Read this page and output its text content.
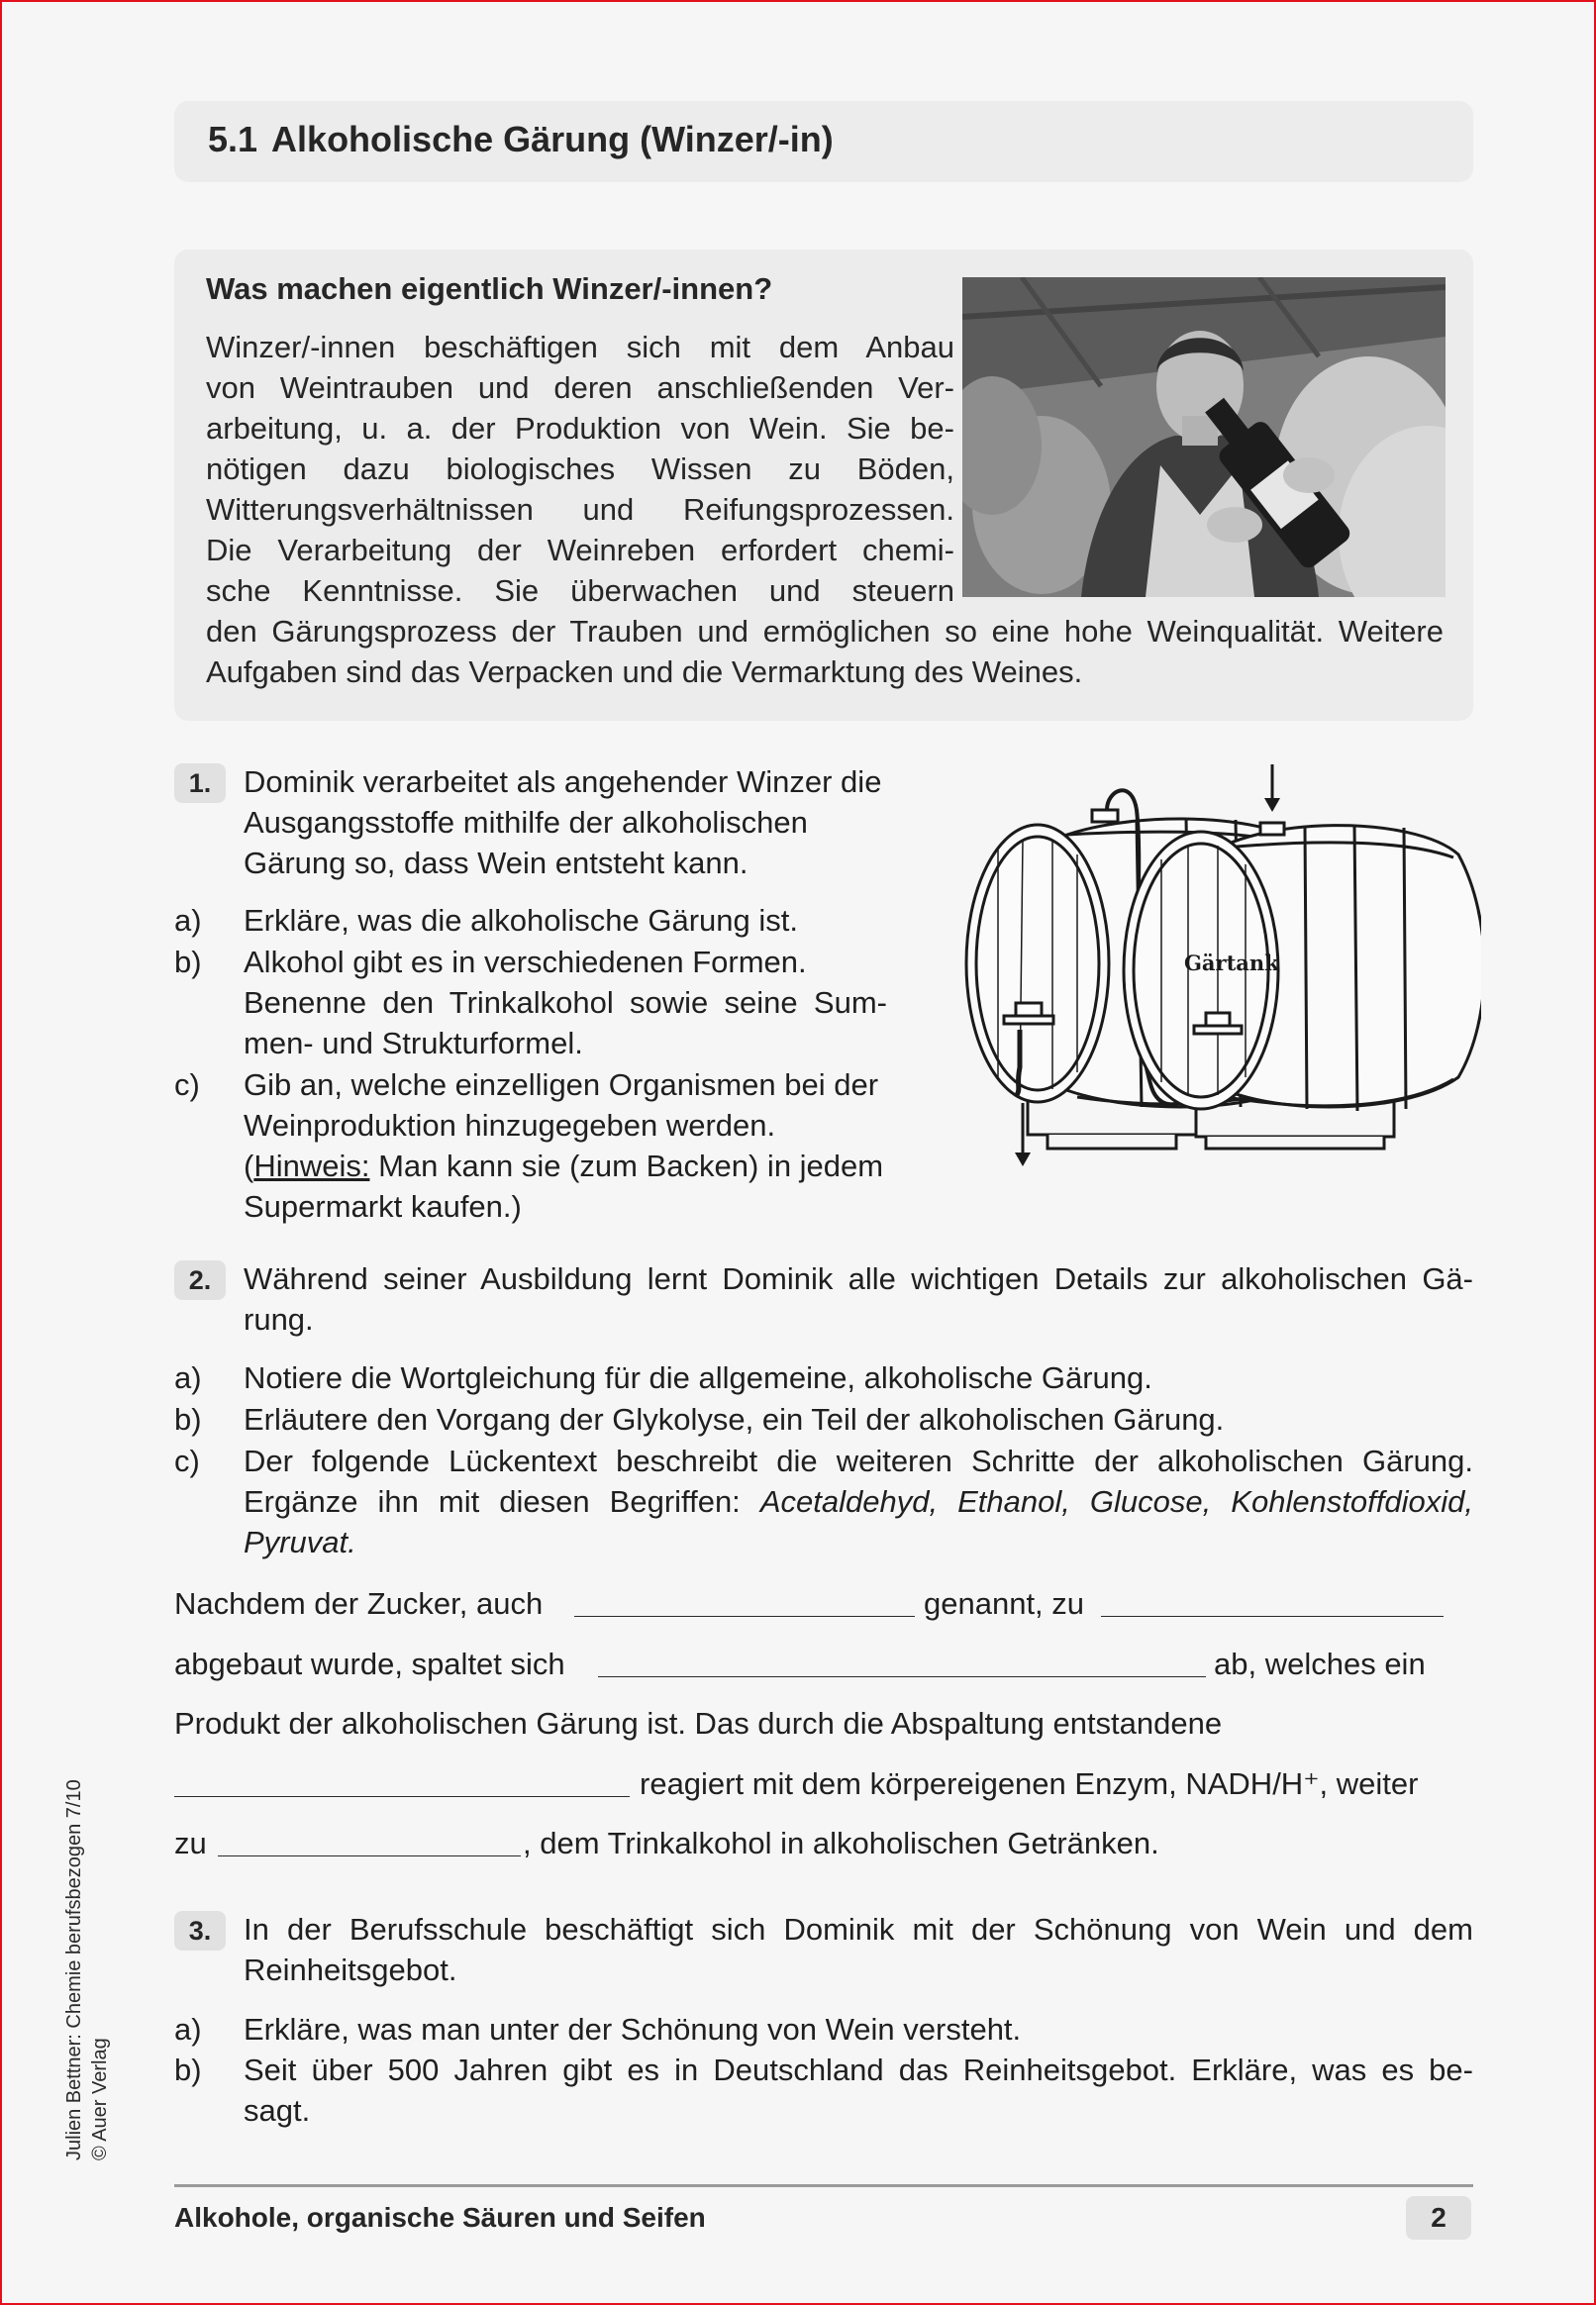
5.1 Alkoholische Gärung (Winzer/-in)
Was machen eigentlich Winzer/-innen?

Winzer/-innen beschäftigen sich mit dem Anbau

von Weintrauben und deren anschließenden Ver-

arbeitung, u. a. der Produktion von Wein. Sie be-

nötigen dazu biologisches Wissen zu Böden,

Witterungsverhältnissen und Reifungsprozessen.

Die Verarbeitung der Weinreben erfordert chemi-

sche Kenntnisse. Sie überwachen und steuern

den Gärungsprozess der Trauben und ermöglichen so eine hohe Weinqualität. Weitere

Aufgaben sind das Verpacken und die Vermarktung des Weines.

1.	Dominik verarbeitet als angehender Winzer die

Ausgangsstoffe mithilfe der alkoholischen

Gärung so, dass Wein entsteht kann.

a) Erkläre, was die alkoholische Gärung ist.

b) Alkohol gibt es in verschiedenen Formen.

Benenne den Trinkalkohol sowie seine Sum-

men- und Strukturformel.

c) Gib an, welche einzelligen Organismen bei der

Weinproduktion hinzugegeben werden.

(Hinweis: Man kann sie (zum Backen) in jedem

Supermarkt kaufen.)

Gärtank
2.	Während seiner Ausbildung lernt Dominik alle wichtigen Details zur alkoholischen Gä-

rung.

a) Notiere die Wortgleichung für die allgemeine, alkoholische Gärung.

b) Erläutere den Vorgang der Glykolyse, ein Teil der alkoholischen Gärung.

c) Der folgende Lückentext beschreibt die weiteren Schritte der alkoholischen Gärung.

Ergänze ihn mit diesen Begriffen: Acetaldehyd, Ethanol, Glucose, Kohlenstoffdioxid,

Pyruvat.

Nachdem der Zucker, auch	genannt, zu

abgebaut wurde, spaltet sich	ab, welches ein

Produkt der alkoholischen Gärung ist. Das durch die Abspaltung entstandene

reagiert mit dem körpereigenen Enzym, NADH/H⁺, weiter

zu	, dem Trinkalkohol in alkoholischen Getränken.

3.	In der Berufsschule beschäftigt sich Dominik mit der Schönung von Wein und dem

Reinheitsgebot.

a) Erkläre, was man unter der Schönung von Wein versteht.

b) Seit über 500 Jahren gibt es in Deutschland das Reinheitsgebot. Erkläre, was es be-

sagt.

Alkohole, organische Säuren und Seifen	2
Julien Bettner: Chemie berufsbezogen 7/10 © Auer Verlag
